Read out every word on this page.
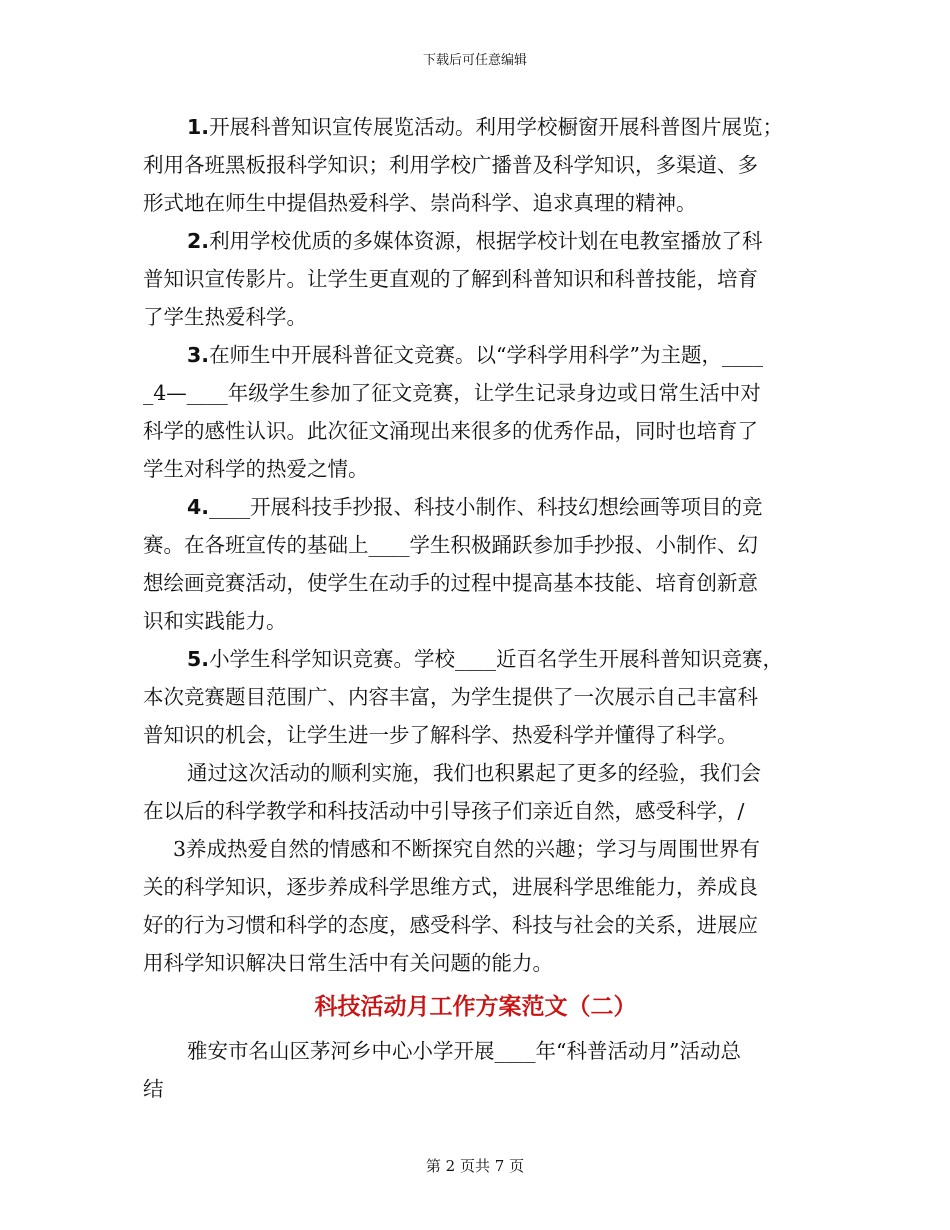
下载后可任意编辑
1.开展科普知识宣传展览活动。利用学校橱窗开展科普图片展览；
利用各班黑板报科学知识；利用学校广播普及科学知识，多渠道、多
形式地在师生中提倡热爱科学、崇尚科学、追求真理的精神。
2.利用学校优质的多媒体资源，根据学校计划在电教室播放了科
普知识宣传影片。让学生更直观的了解到科普知识和科普技能，培育
了学生热爱科学。
3.在师生中开展科普征文竞赛。以“学科学用科学”为主题，____
_4—____年级学生参加了征文竞赛，让学生记录身边或日常生活中对
科学的感性认识。此次征文涌现出来很多的优秀作品，同时也培育了
学生对科学的热爱之情。
4.____开展科技手抄报、科技小制作、科技幻想绘画等项目的竞
赛。在各班宣传的基础上____学生积极踊跃参加手抄报、小制作、幻
想绘画竞赛活动，使学生在动手的过程中提高基本技能、培育创新意
识和实践能力。
5.小学生科学知识竞赛。学校____近百名学生开展科普知识竞赛，
本次竞赛题目范围广、内容丰富，为学生提供了一次展示自己丰富科
普知识的机会，让学生进一步了解科学、热爱科学并懂得了科学。
通过这次活动的顺利实施，我们也积累起了更多的经验，我们会
在以后的科学教学和科技活动中引导孩子们亲近自然，感受科学，/
3养成热爱自然的情感和不断探究自然的兴趣；学习与周围世界有
关的科学知识，逐步养成科学思维方式，进展科学思维能力，养成良
好的行为习惯和科学的态度，感受科学、科技与社会的关系，进展应
用科学知识解决日常生活中有关问题的能力。
科技活动月工作方案范文（二）
雅安市名山区茅河乡中心小学开展____年“科普活动月”活动总
结
第 2 页共 7 页
